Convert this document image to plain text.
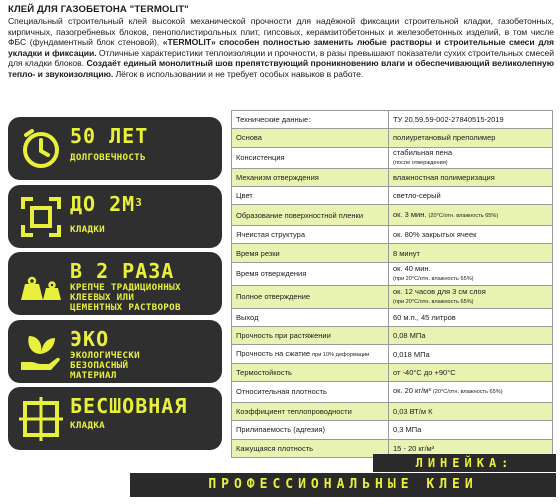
КЛЕЙ ДЛЯ ГАЗОБЕТОНА "TERMOLIT"
Специальный строительный клей высокой механической прочности для надёжной фиксации строительной кладки, газобетонных, кирпичных, пазогребневых блоков, пенополистирольных плит, гипсовых, керамзитобетонных и железобетонных изделий, в том числе ФБС (фундаментный блок стеновой). «TERMOLIT» способен полностью заменить любые растворы и строительные смеси для укладки и фиксации. Отличные характеристики теплоизоляции и прочности, в разы превышают показатели сухих строительных смесей для кладки блоков. Создаёт единый монолитный шов препятствующий проникновению влаги и обеспечивающий великолепную тепло- и звукоизоляцию. Лёгок в использовании и не требует особых навыков в работе.
50 ЛЕТ
ДОЛГОВЕЧНОСТЬ
ДО $2М^3$
КЛАДКИ
В 2 РАЗА
КРЕПЧЕ ТРАДИЦИОННЫХ
КЛЕЕВЫХ ИЛИ
ЦЕМЕНТНЫХ РАСТВОРОВ
ЭКО
ЭКОЛОГИЧЕСКИ
БЕЗОПАСНЫЙ
МАТЕРИАЛ
БЕСШОВНАЯ
КЛАДКА
Технические данные:	ТУ 20.59.59-002-27840515-2019
Основа	полиуретановый преполимер
Консистенция	стабильная пена
(после отверждения)
Механизм отверждения	влажностная полимеризация
Цвет	светло-серый
Образование поверхностной пленки	ок. 3 мин. (20°C/отн. влажность 65%)
Ячеистая структура	ок. 80% закрытых ячеек
Время резки	8 минут
Время отверждения	ок. 40 мин.
(при 20°C/отн. влажность 65%)
Полное отверждение	ок. 12 часов для 3 см слоя
(при 20°C/отн. влажность 65%)
Выход	60 м.п., 45 литров
Прочность при растяжении	0,08 МПа
Прочность на сжатие при 10% деформации	0,018 МПа
Термостойкость	от -40°С до +90°С
Относительная плотность	ок. 20 кг/м³ (20°C/отн. влажность 65%)
Коэффициент теплопроводности	0,03 ВТ/м К
Прилипаемость (адгезия)	0,3 МПа
Кажущаяся плотность	15 - 20 кг/м³
ЛИНЕЙКА:
ПРОФЕССИОНАЛЬНЫЕ КЛЕИ
